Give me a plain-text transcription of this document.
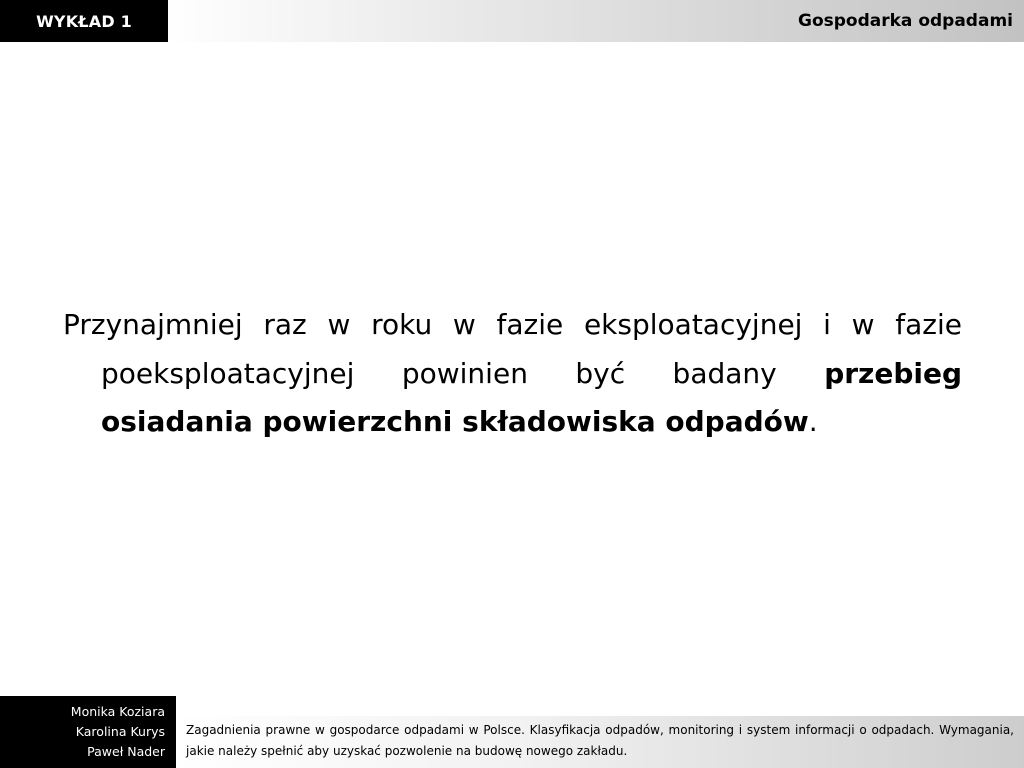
WYKŁAD 1	Gospodarka odpadami

Przynajmniej raz w roku w fazie eksploatacyjnej i w fazie poeksploatacyjnej powinien być badany przebieg osiadania powierzchni składowiska odpadów.

Monika Koziara
Karolina Kurys
Paweł Nader
Zagadnienia prawne w gospodarce odpadami w Polsce. Klasyfikacja odpadów, monitoring i system informacji o odpadach. Wymagania, jakie należy spełnić aby uzyskać pozwolenie na budowę nowego zakładu.
